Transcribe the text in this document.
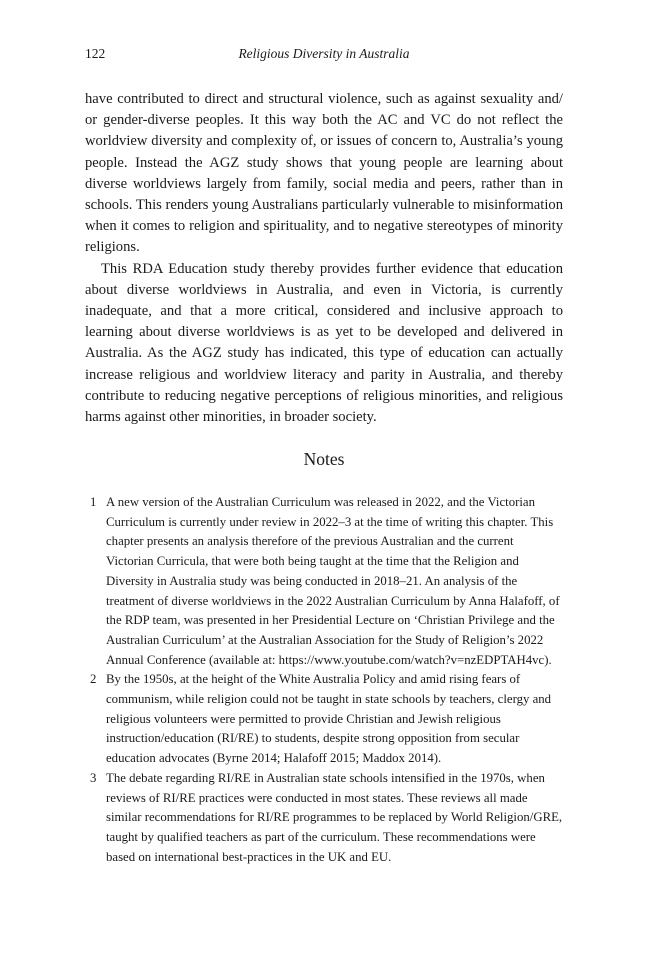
122	Religious Diversity in Australia

have contributed to direct and structural violence, such as against sexuality and/ or gender-diverse peoples. It this way both the AC and VC do not reflect the worldview diversity and complexity of, or issues of concern to, Australia’s young people. Instead the AGZ study shows that young people are learning about diverse worldviews largely from family, social media and peers, rather than in schools. This renders young Australians particularly vulnerable to misinformation when it comes to religion and spirituality, and to negative stereotypes of minority religions.

This RDA Education study thereby provides further evidence that education about diverse worldviews in Australia, and even in Victoria, is currently inadequate, and that a more critical, considered and inclusive approach to learning about diverse worldviews is as yet to be developed and delivered in Australia. As the AGZ study has indicated, this type of education can actually increase religious and worldview literacy and parity in Australia, and thereby contribute to reducing negative perceptions of religious minorities, and religious harms against other minorities, in broader society.

Notes
1 A new version of the Australian Curriculum was released in 2022, and the Victorian Curriculum is currently under review in 2022–3 at the time of writing this chapter. This chapter presents an analysis therefore of the previous Australian and the current Victorian Curricula, that were both being taught at the time that the Religion and Diversity in Australia study was being conducted in 2018–21. An analysis of the treatment of diverse worldviews in the 2022 Australian Curriculum by Anna Halafoff, of the RDP team, was presented in her Presidential Lecture on ‘Christian Privilege and the Australian Curriculum’ at the Australian Association for the Study of Religion’s 2022 Annual Conference (available at: https://www.youtube.com/watch?v=nzEDPTAH4vc).
2 By the 1950s, at the height of the White Australia Policy and amid rising fears of communism, while religion could not be taught in state schools by teachers, clergy and religious volunteers were permitted to provide Christian and Jewish religious instruction/education (RI/RE) to students, despite strong opposition from secular education advocates (Byrne 2014; Halafoff 2015; Maddox 2014).
3 The debate regarding RI/RE in Australian state schools intensified in the 1970s, when reviews of RI/RE practices were conducted in most states. These reviews all made similar recommendations for RI/RE programmes to be replaced by World Religion/GRE, taught by qualified teachers as part of the curriculum. These recommendations were based on international best-practices in the UK and EU.
